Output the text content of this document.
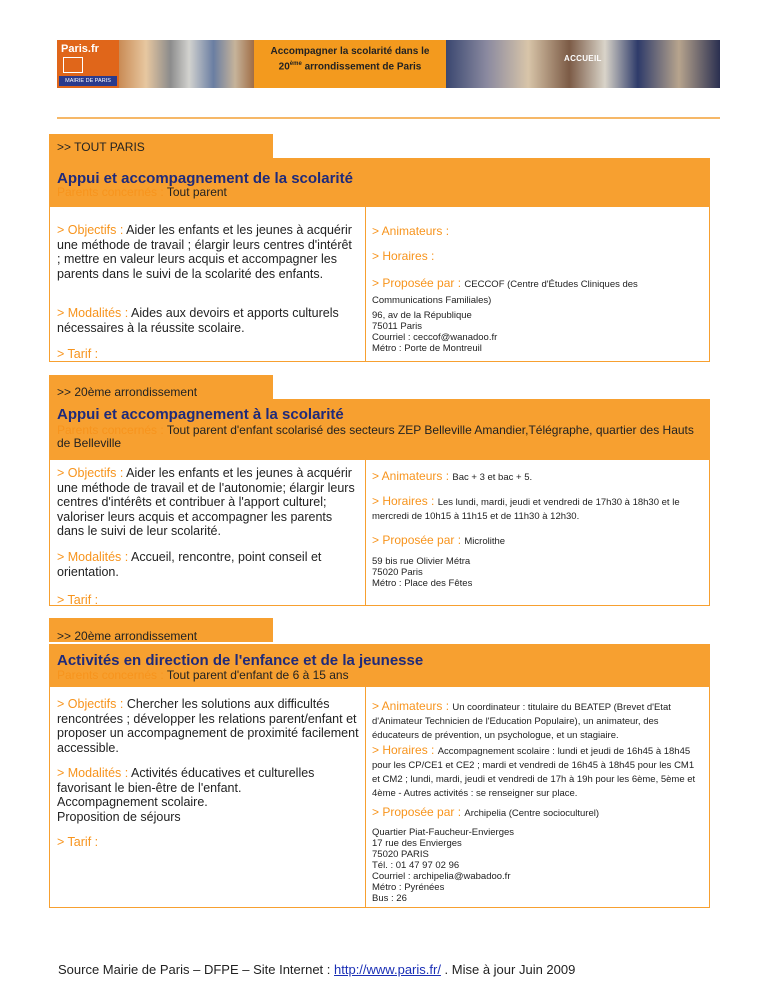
Paris.fr
MAIRIE DE PARIS
Accompagner la scolarité dans le
20ème arrondissement de Paris
ACCUEIL
>> TOUT PARIS
Appui et accompagnement de la scolarité
Parents concernés : Tout parent
> Objectifs : Aider les enfants et les jeunes à acquérir une méthode de travail ; élargir leurs centres d'intérêt ; mettre en valeur leurs acquis et accompagner les parents dans le suivi de la scolarité des enfants.
> Modalités : Aides aux devoirs et apports culturels nécessaires à la réussite scolaire.
> Tarif :
> Animateurs :
> Horaires :
> Proposée par : CECCOF (Centre d'Études Cliniques des Communications Familiales)
96, av de la République
75011 Paris
Courriel : ceccof@wanadoo.fr
Métro : Porte de Montreuil
>> 20ème arrondissement
Appui et accompagnement à la scolarité
Parents concernés : Tout parent d'enfant scolarisé des secteurs ZEP Belleville Amandier,Télégraphe, quartier des Hauts de Belleville
> Objectifs : Aider les enfants et les jeunes à acquérir une méthode de travail et de l'autonomie; élargir leurs centres d'intérêts et contribuer à l'apport culturel; valoriser leurs acquis et accompagner les parents dans le suivi de leur scolarité.
> Modalités : Accueil, rencontre, point conseil et orientation.
> Tarif :
> Animateurs : Bac + 3 et bac + 5.
> Horaires : Les lundi, mardi, jeudi et vendredi de 17h30 à 18h30 et le mercredi de 10h15 à 11h15 et de 11h30 à 12h30.
> Proposée par : Microlithe
59 bis rue Olivier Métra
75020 Paris
Métro : Place des Fêtes
>> 20ème arrondissement
Activités en direction de l'enfance et de la jeunesse
Parents concernés : Tout parent d'enfant de 6 à 15 ans
> Objectifs : Chercher les solutions aux difficultés rencontrées ; développer les relations parent/enfant et proposer un accompagnement de proximité facilement accessible.
> Modalités : Activités éducatives et culturelles
favorisant le bien-être de l'enfant.
Accompagnement scolaire.
Proposition de séjours
> Tarif :
> Animateurs : Un coordinateur : titulaire du BEATEP (Brevet d'Etat d'Animateur Technicien de l'Education Populaire), un animateur, des éducateurs de prévention, un psychologue, et un stagiaire.
> Horaires : Accompagnement scolaire : lundi et jeudi de 16h45 à 18h45 pour les CP/CE1 et CE2 ; mardi et vendredi de 16h45 à 18h45 pour les CM1 et CM2 ; lundi, mardi, jeudi et vendredi de 17h à 19h pour les 6ème, 5ème et 4ème - Autres activités : se renseigner sur place.
> Proposée par : Archipelia (Centre socioculturel)
Quartier Piat-Faucheur-Envierges
17 rue des Envierges
75020 PARIS
Tél. : 01 47 97 02 96
Courriel : archipelia@wabadoo.fr
Métro : Pyrénées
Bus : 26
Source Mairie de Paris – DFPE – Site Internet : http://www.paris.fr/ . Mise à jour Juin 2009
